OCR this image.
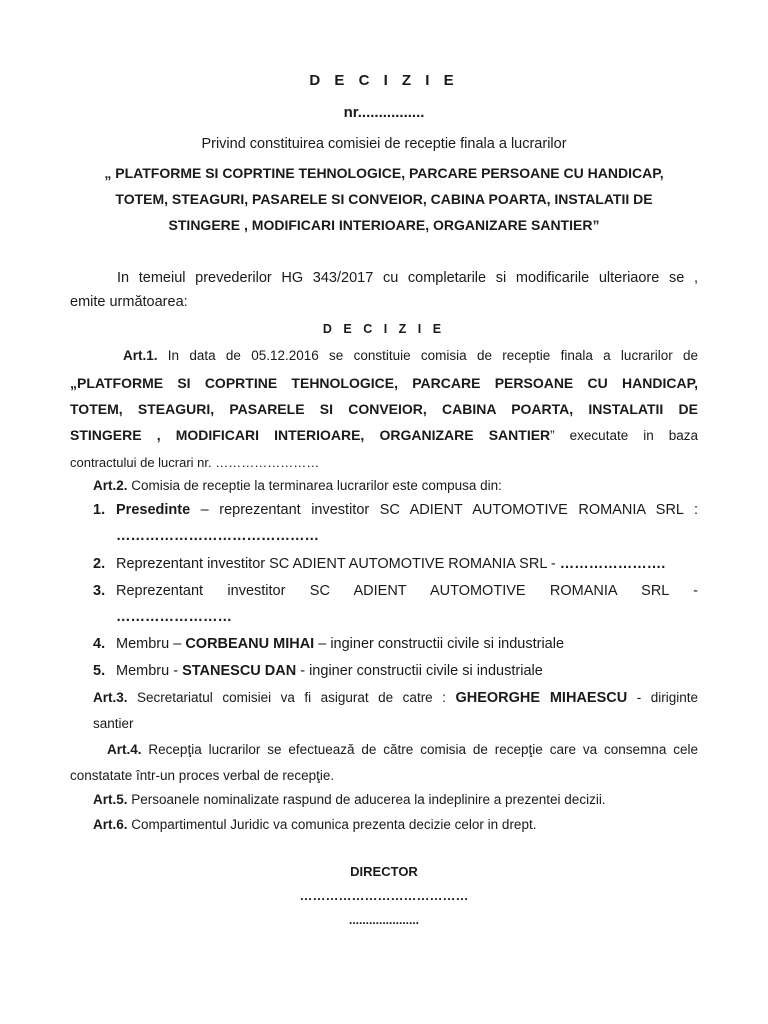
D E C I Z I E
nr................
Privind constituirea comisiei de receptie finala a lucrarilor
„ PLATFORME SI COPRTINE TEHNOLOGICE, PARCARE PERSOANE CU HANDICAP,
TOTEM, STEAGURI, PASARELE SI CONVEIOR, CABINA POARTA, INSTALATII DE
STINGERE , MODIFICARI INTERIOARE, ORGANIZARE SANTIER”
In temeiul prevederilor HG 343/2017 cu completarile si modificarile ulteriaore se ,
emite următoarea:
D E C I Z I E
Art.1. In data de 05.12.2016 se constituie comisia de receptie finala a lucrarilor de
„PLATFORME SI COPRTINE TEHNOLOGICE, PARCARE PERSOANE CU HANDICAP,
TOTEM, STEAGURI, PASARELE SI CONVEIOR, CABINA POARTA, INSTALATII DE
STINGERE , MODIFICARI INTERIOARE, ORGANIZARE SANTIER” executate in baza
contractului de lucrari nr. ……………………
Art.2. Comisia de receptie la terminarea lucrarilor este compusa din:
1. Presedinte – reprezentant investitor SC ADIENT AUTOMOTIVE ROMANIA SRL :
……………………………………
2. Reprezentant investitor SC ADIENT AUTOMOTIVE ROMANIA SRL - ………………….
3. Reprezentant investitor SC ADIENT AUTOMOTIVE ROMANIA SRL -
……………………
4. Membru – CORBEANU MIHAI – inginer constructii civile si industriale
5. Membru - STANESCU DAN - inginer constructii civile si industriale
Art.3. Secretariatul comisiei va fi asigurat de catre : GHEORGHE MIHAESCU - diriginte
santier
Art.4. Recepţia lucrarilor se efectuează de către comisia de recepţie care va consemna cele
constatate într-un proces verbal de recepţie.
Art.5. Persoanele nominalizate raspund de aducerea la indeplinire a prezentei decizii.
Art.6. Compartimentul Juridic va comunica prezenta decizie celor in drept.
DIRECTOR
…………………………………
.....................
